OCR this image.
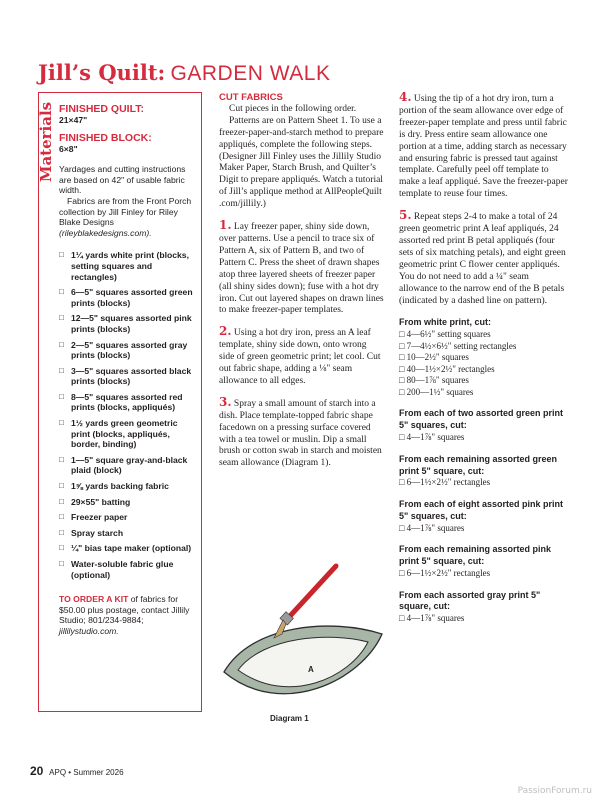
Jill’s Quilt: GARDEN WALK
Materials FINISHED QUILT:
21×47"
FINISHED BLOCK:
6×8"

Yardages and cutting instructions are based on 42" of usable fabric width.

Fabrics are from the Front Porch collection by Jill Finley for Riley Blake Designs (rileyblakedesigns.com).

□ 1¼ yards white print (blocks, setting squares and rectangles)
□ 6—5" squares assorted green prints (blocks)
□ 12—5" squares assorted pink prints (blocks)
□ 2—5" squares assorted gray prints (blocks)
□ 3—5" squares assorted black prints (blocks)
□ 8—5" squares assorted red prints (blocks, appliqués)
□ 1½ yards green geometric print (blocks, appliqués, border, binding)
□ 1—5" square gray-and-black plaid (block)
□ 1⅝ yards backing fabric
□ 29×55" batting
□ Freezer paper
□ Spray starch
□ ¼" bias tape maker (optional)
□ Water-soluble fabric glue (optional)
TO ORDER A KIT of fabrics for $50.00 plus postage, contact Jillily Studio; 801/234-9884; jillilystudio.com.

CUT FABRICS

Cut pieces in the following order.

Patterns are on Pattern Sheet 1. To use a freezer-paper-and-starch method to prepare appliqués, complete the following steps. (Designer Jill Finley uses the Jillily Studio Maker Paper, Starch Brush, and Quilter’s Digit to prepare appliqués. Watch a tutorial of Jill’s applique method at AllPeopleQuilt .com/jillily.)

1. Lay freezer paper, shiny side down, over patterns. Use a pencil to trace six of Pattern A, six of Pattern B, and two of Pattern C. Press the sheet of drawn shapes atop three layered sheets of freezer paper (all shiny sides down); fuse with a hot dry iron. Cut out layered shapes on drawn lines to make freezer-paper templates.

2. Using a hot dry iron, press an A leaf template, shiny side down, onto wrong side of green geometric print; let cool. Cut out fabric shape, adding a ⅛" seam allowance to all edges.

3. Spray a small amount of starch into a dish. Place template-topped fabric shape facedown on a pressing surface covered with a tea towel or muslin. Dip a small brush or cotton swab in starch and moisten seam allowance (Diagram 1).

A
Diagram 1

4. Using the tip of a hot dry iron, turn a portion of the seam allowance over edge of freezer-paper template and press until fabric is dry. Press entire seam allowance one portion at a time, adding starch as necessary and ensuring fabric is pressed taut against template. Carefully peel off template to make a leaf appliqué. Save the freezer-paper template to reuse four times.

5. Repeat steps 2-4 to make a total of 24 green geometric print A leaf appliqués, 24 assorted red print B petal appliqués (four sets of six matching petals), and eight green geometric print C flower center appliqués. You do not need to add a ¼" seam allowance to the narrow end of the B petals (indicated by a dashed line on pattern).

From white print, cut:
□ 4—6½" setting squares
□ 7—4½×6½" setting rectangles
□ 10—2½" squares
□ 40—1½×2½" rectangles
□ 80—1⅞" squares
□ 200—1½" squares

From each of two assorted green print 5" squares, cut:
□ 4—1⅞" squares

From each remaining assorted green print 5" square, cut:
□ 6—1½×2½" rectangles

From each of eight assorted pink print 5" squares, cut:
□ 4—1⅞" squares

From each remaining assorted pink print 5" square, cut:
□ 6—1½×2½" rectangles

From each assorted gray print 5" square, cut:
□ 4—1⅞" squares

20 APQ • Summer 2026
PassionForum.ru
